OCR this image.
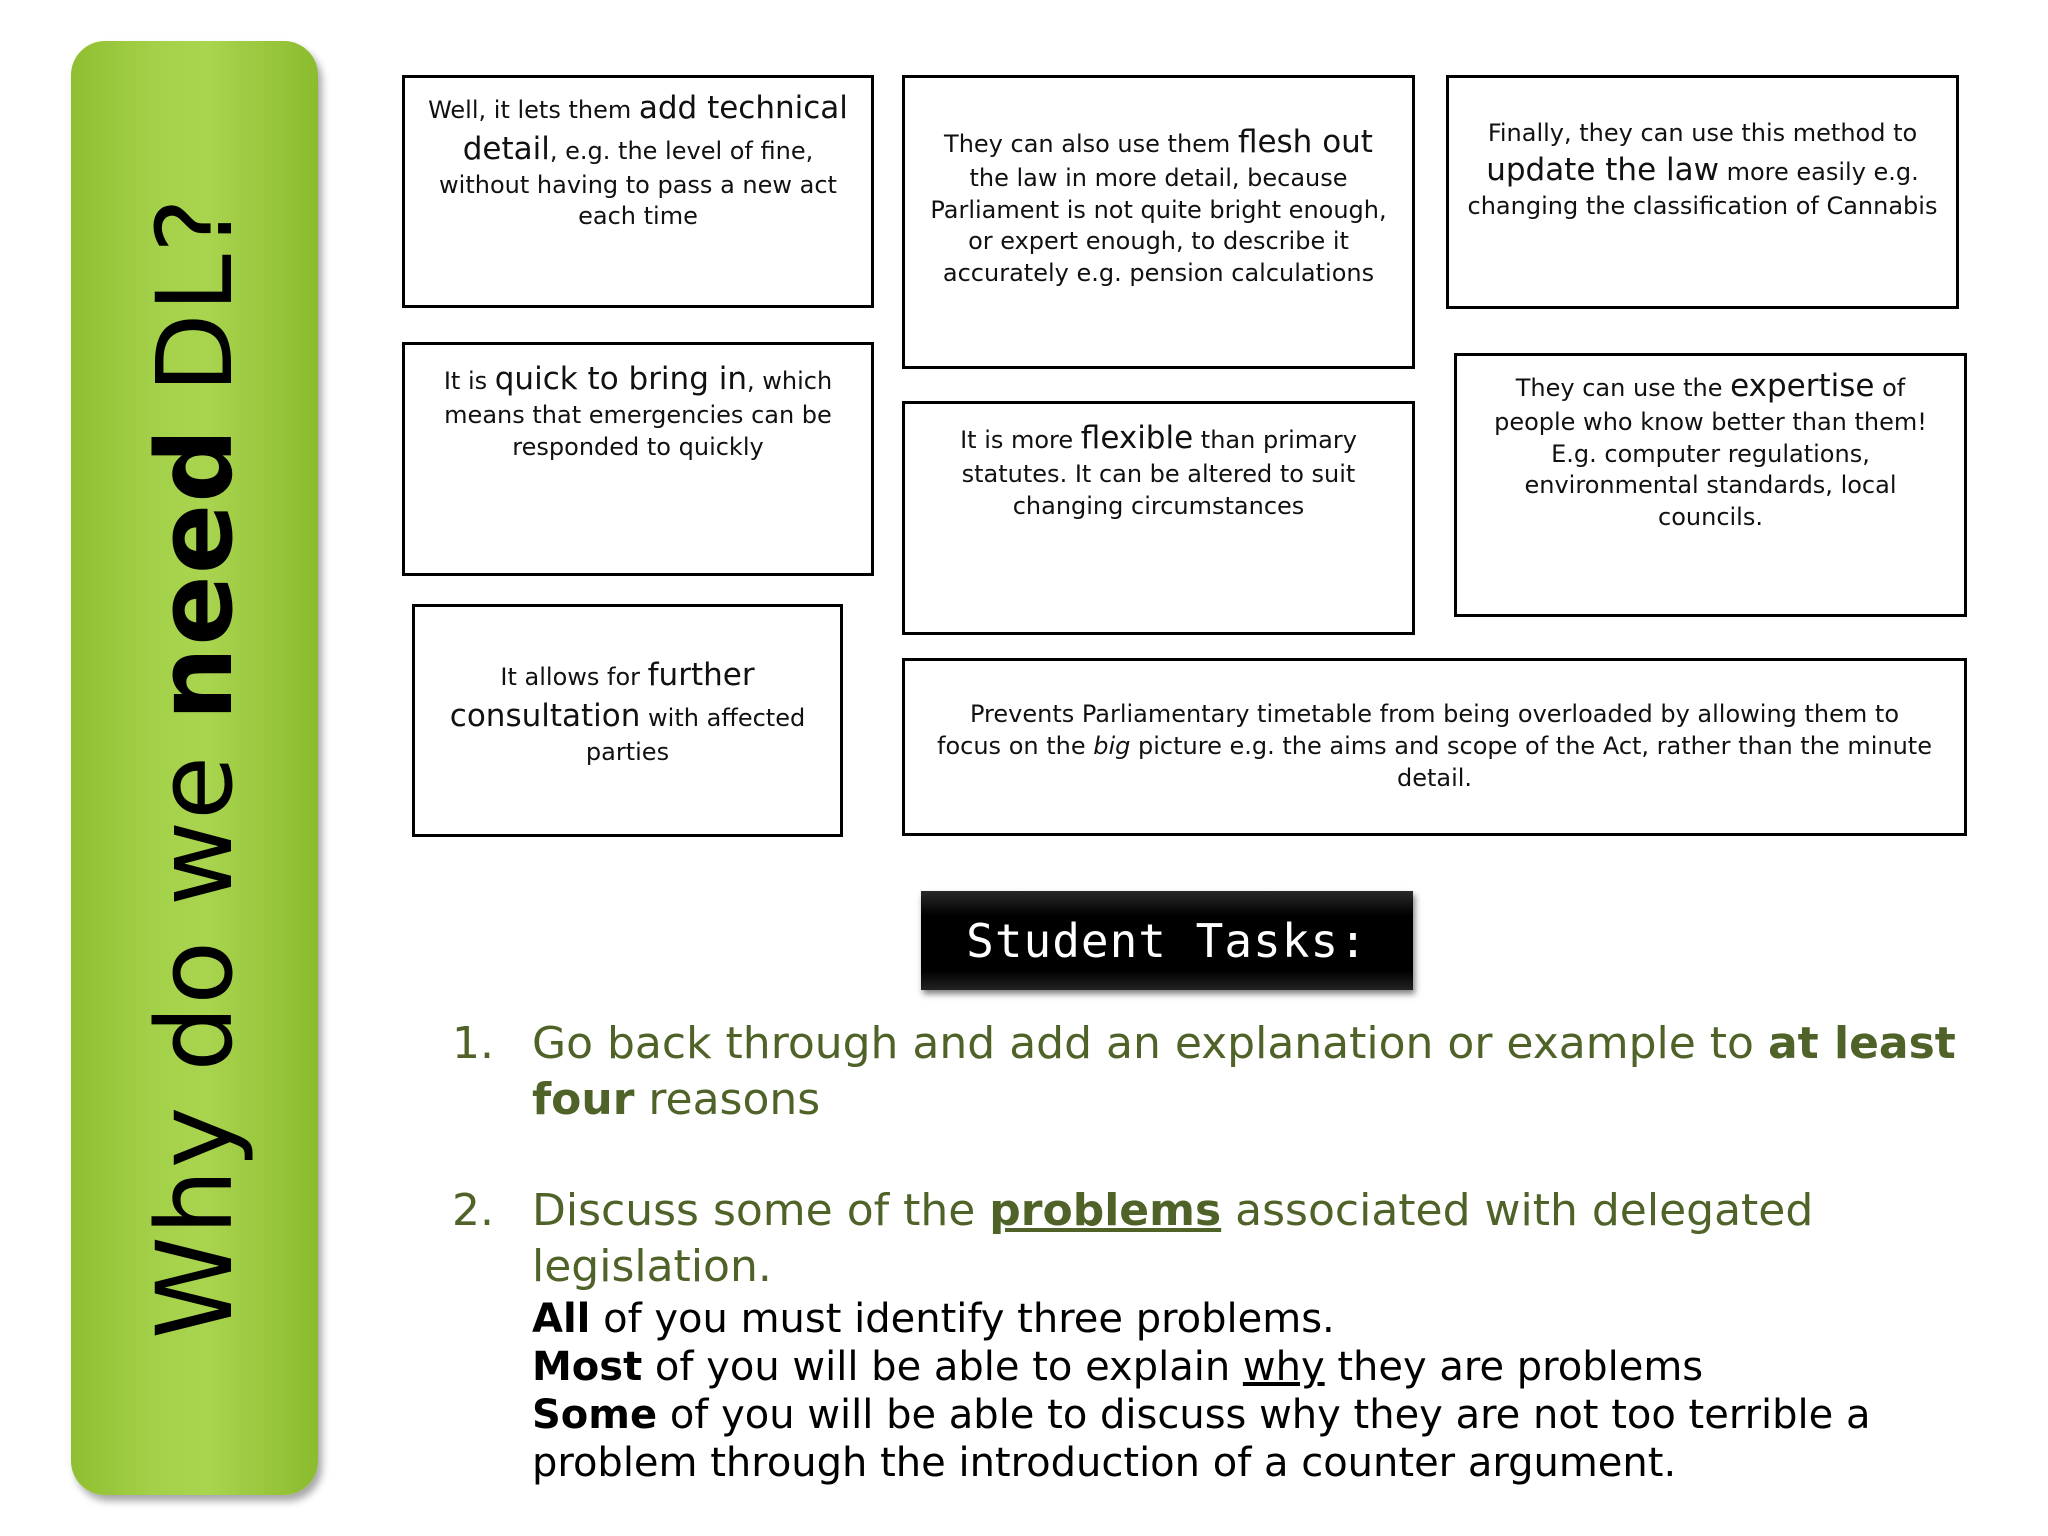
Why do we need DL?
Well, it lets them add technical detail, e.g. the level of fine, without having to pass a new act each time
They can also use them flesh out the law in more detail, because Parliament is not quite bright enough, or expert enough, to describe it accurately e.g. pension calculations
Finally, they can use this method to update the law more easily e.g. changing the classification of Cannabis
It is quick to bring in, which means that emergencies can be responded to quickly	It is more flexible than primary statutes. It can be altered to suit changing circumstances
They can use the expertise of people who know better than them! E.g. computer regulations, environmental standards, local councils.
It allows for further consultation with affected parties
Prevents Parliamentary timetable from being overloaded by allowing them to focus on the big picture e.g. the aims and scope of the Act, rather than the minute detail.
Student Tasks:
1. Go back through and add an explanation or example to at least four reasons
2. Discuss some of the problems associated with delegated legislation.
All of you must identify three problems.
Most of you will be able to explain why they are problems
Some of you will be able to discuss why they are not too terrible a problem through the introduction of a counter argument.
